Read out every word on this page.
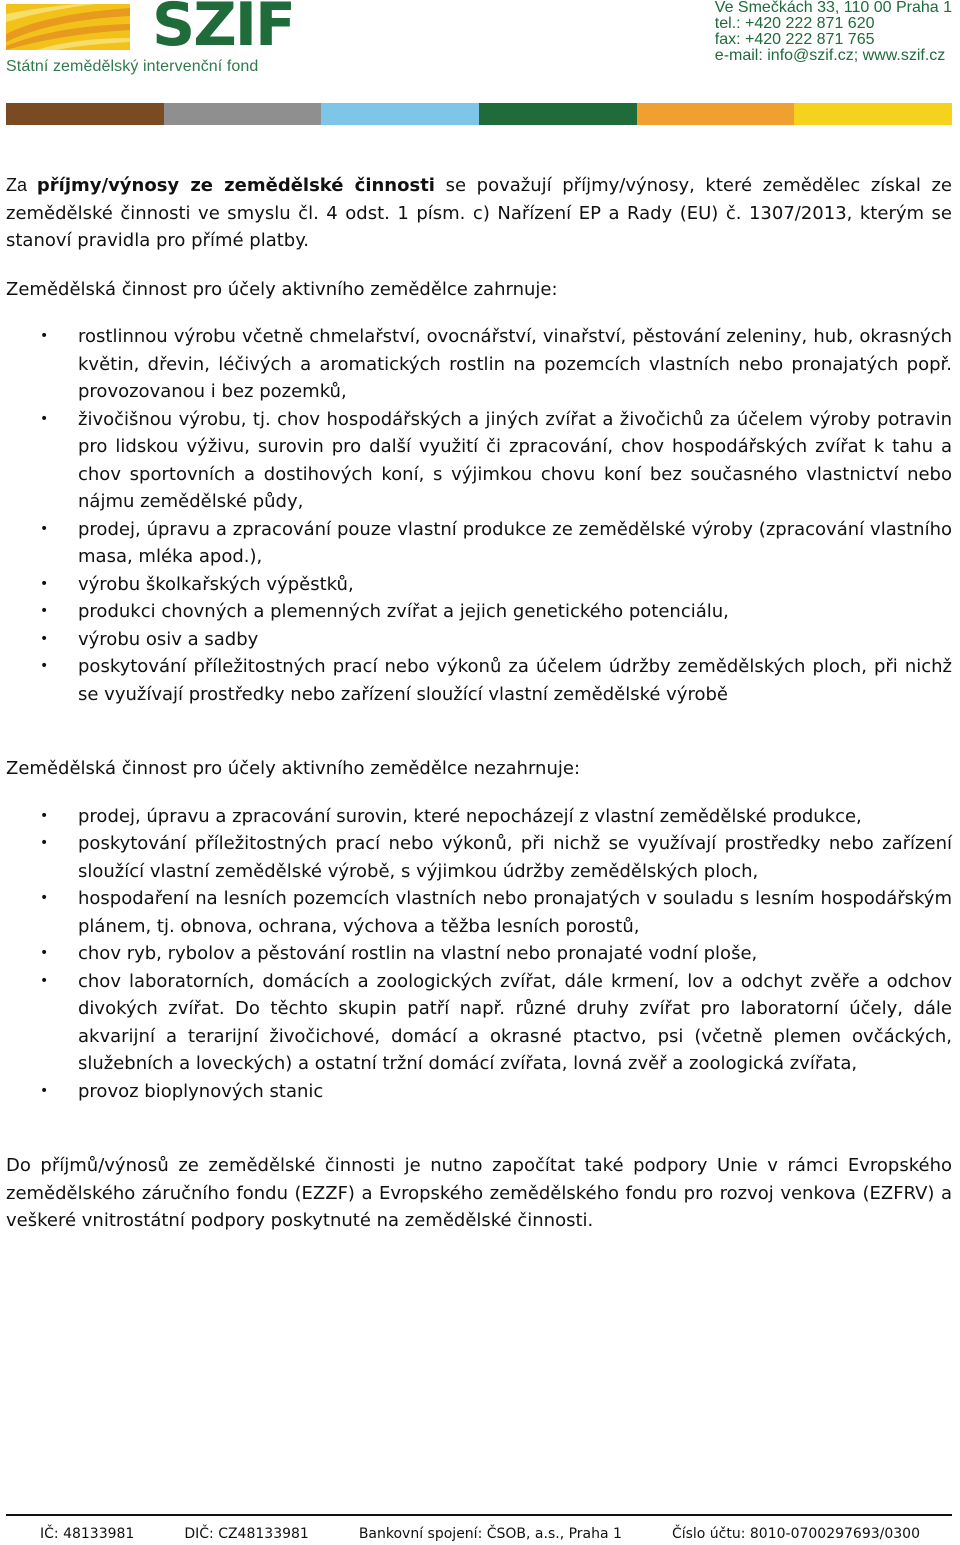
SZIF
Státní zemědělský intervenční fond
Ve Smečkách 33, 110 00 Praha 1
tel.: +420 222 871 620
fax: +420 222 871 765
e-mail: info@szif.cz; www.szif.cz

Za příjmy/výnosy ze zemědělské činnosti se považují příjmy/výnosy, které zemědělec získal ze zemědělské činnosti ve smyslu čl. 4 odst. 1 písm. c) Nařízení EP a Rady (EU) č. 1307/2013, kterým se stanoví pravidla pro přímé platby.

Zemědělská činnost pro účely aktivního zemědělce zahrnuje:
• rostlinnou výrobu včetně chmelařství, ovocnářství, vinařství, pěstování zeleniny, hub, okrasných květin, dřevin, léčivých a aromatických rostlin na pozemcích vlastních nebo pronajatých popř. provozovanou i bez pozemků,
• živočišnou výrobu, tj. chov hospodářských a jiných zvířat a živočichů za účelem výroby potravin pro lidskou výživu, surovin pro další využití či zpracování, chov hospodářských zvířat k tahu a chov sportovních a dostihových koní, s výjimkou chovu koní bez současného vlastnictví nebo nájmu zemědělské půdy,
• prodej, úpravu a zpracování pouze vlastní produkce ze zemědělské výroby (zpracování vlastního masa, mléka apod.),
• výrobu školkařských výpěstků,
• produkci chovných a plemenných zvířat a jejich genetického potenciálu,
• výrobu osiv a sadby
• poskytování příležitostných prací nebo výkonů za účelem údržby zemědělských ploch, při nichž se využívají prostředky nebo zařízení sloužící vlastní zemědělské výrobě
Zemědělská činnost pro účely aktivního zemědělce nezahrnuje:
• prodej, úpravu a zpracování surovin, které nepocházejí z vlastní zemědělské produkce,
• poskytování příležitostných prací nebo výkonů, při nichž se využívají prostředky nebo zařízení sloužící vlastní zemědělské výrobě, s výjimkou údržby zemědělských ploch,
• hospodaření na lesních pozemcích vlastních nebo pronajatých v souladu s lesním hospodářským plánem, tj. obnova, ochrana, výchova a těžba lesních porostů,
• chov ryb, rybolov a pěstování rostlin na vlastní nebo pronajaté vodní ploše,
• chov laboratorních, domácích a zoologických zvířat, dále krmení, lov a odchyt zvěře a odchov divokých zvířat. Do těchto skupin patří např. různé druhy zvířat pro laboratorní účely, dále akvarijní a terarijní živočichové, domácí a okrasné ptactvo, psi (včetně plemen ovčáckých, služebních a loveckých) a ostatní tržní domácí zvířata, lovná zvěř a zoologická zvířata,
• provoz bioplynových stanic

Do příjmů/výnosů ze zemědělské činnosti je nutno započítat také podpory Unie v rámci Evropského zemědělského záručního fondu (EZZF) a Evropského zemědělského fondu pro rozvoj venkova (EZFRV) a veškeré vnitrostátní podpory poskytnuté na zemědělské činnosti.

IČ: 48133981	DIČ: CZ48133981	Bankovní spojení: ČSOB, a.s., Praha 1	Číslo účtu: 8010-0700297693/0300
